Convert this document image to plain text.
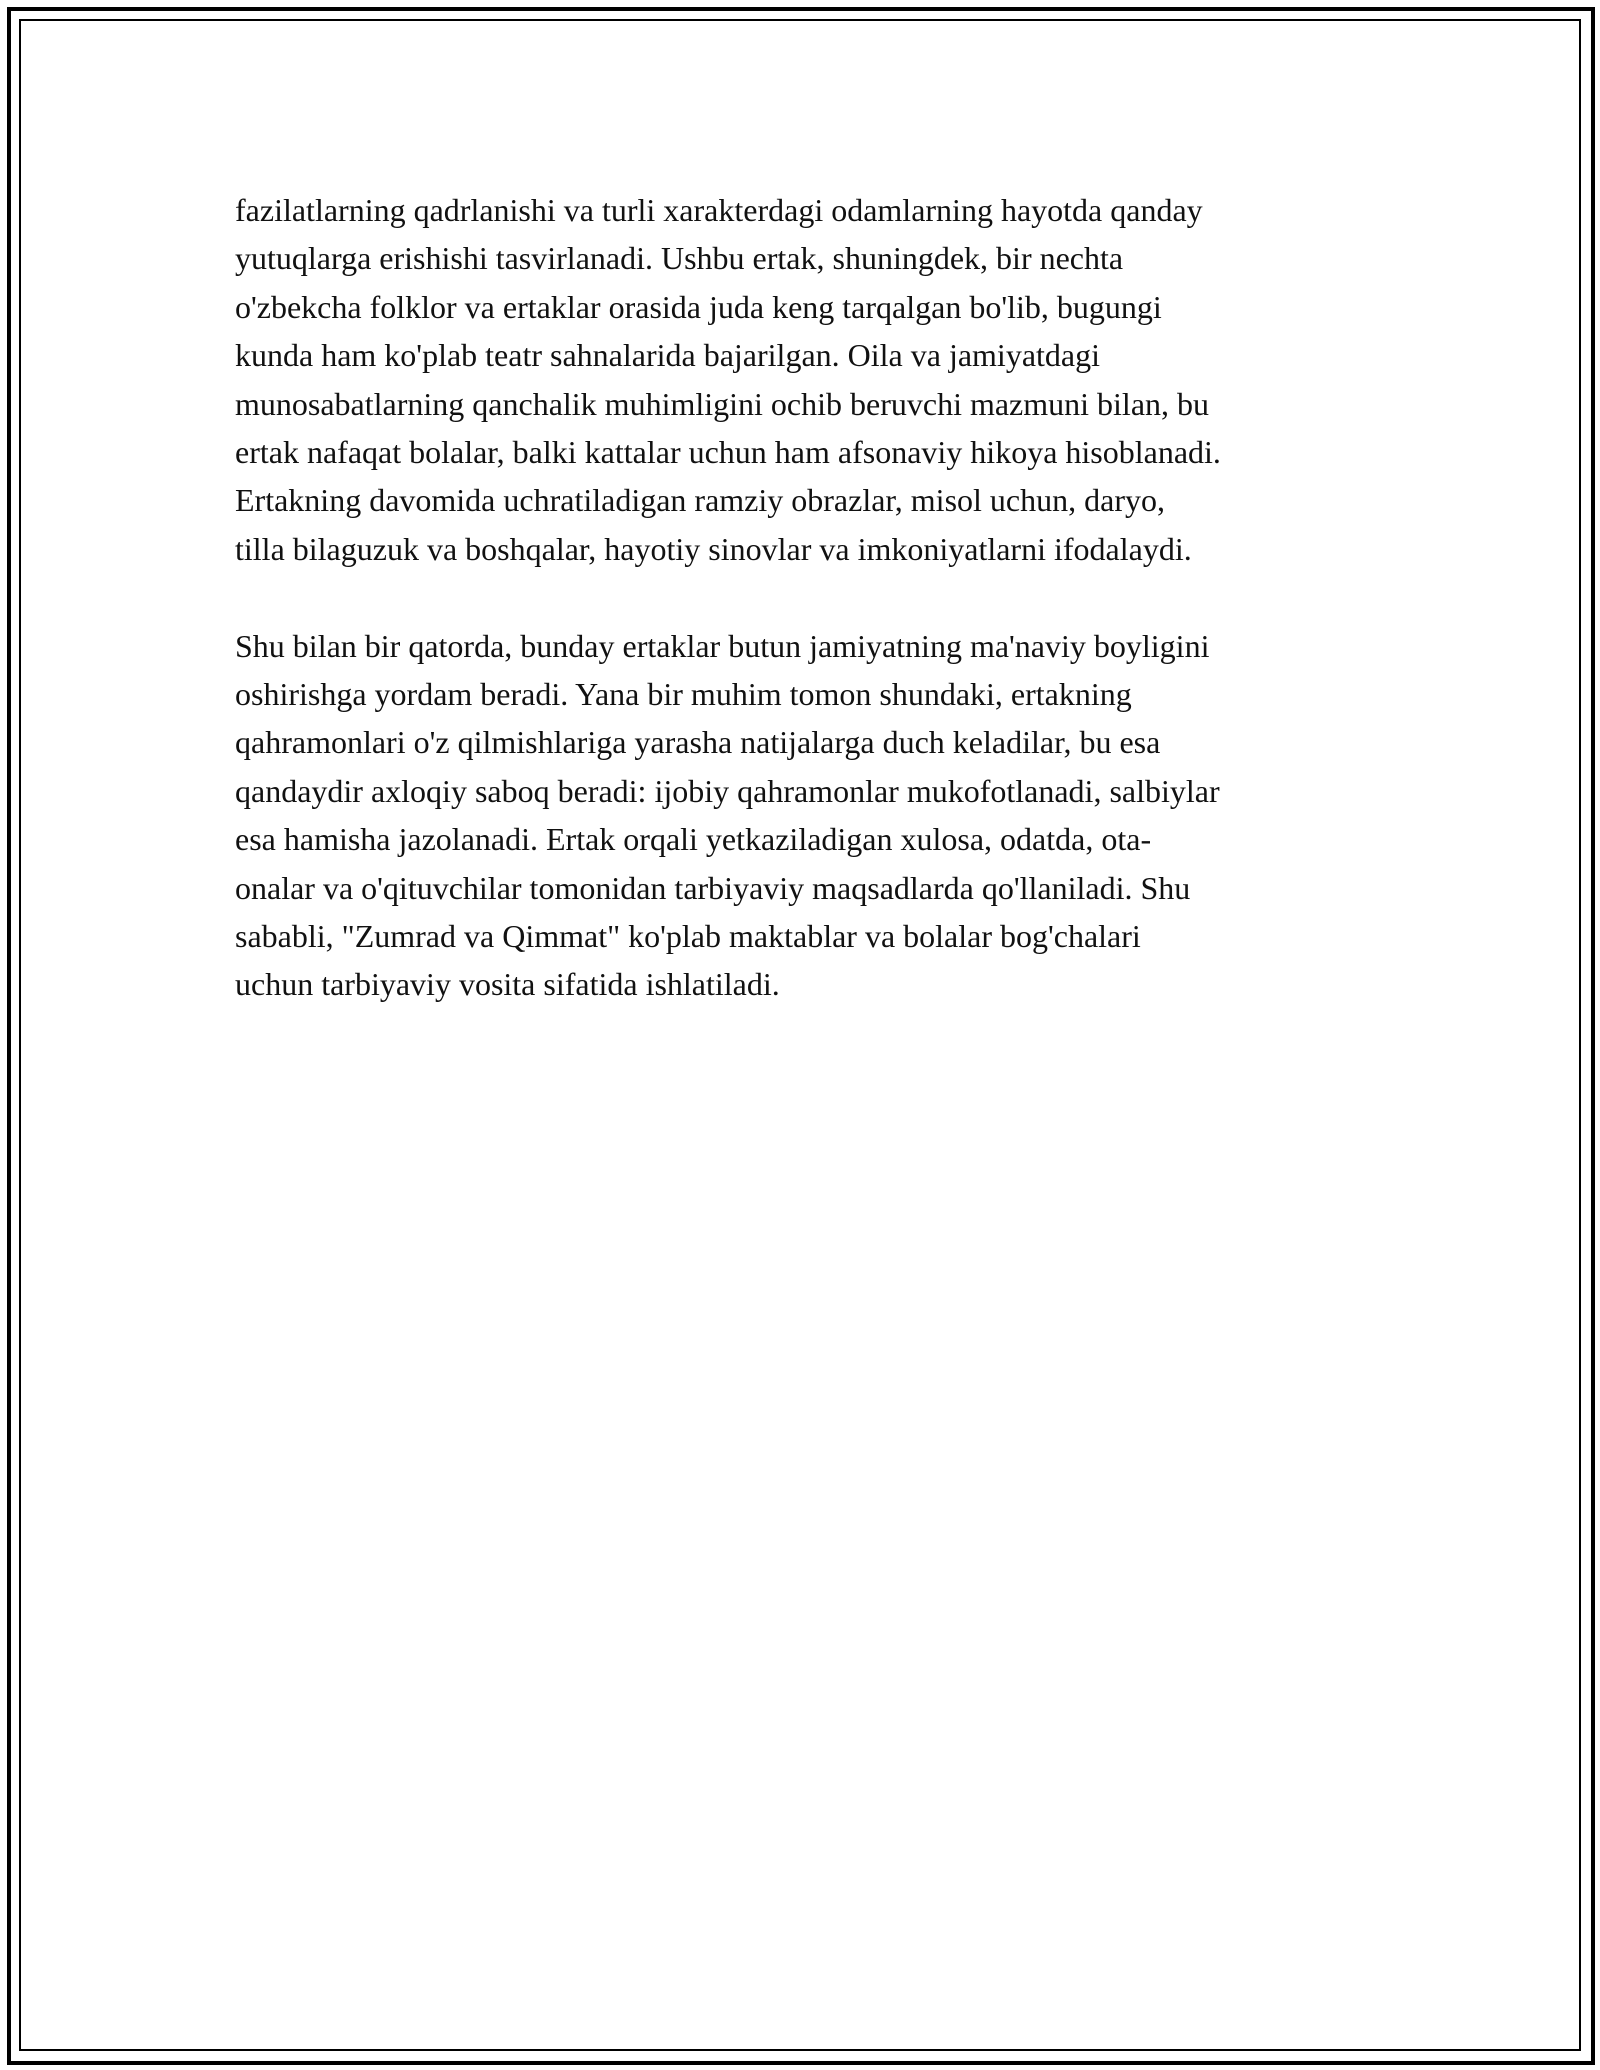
fazilatlarning qadrlanishi va turli xarakterdagi odamlarning hayotda qanday
yutuqlarga erishishi tasvirlanadi. Ushbu ertak, shuningdek, bir nechta
o'zbekcha folklor va ertaklar orasida juda keng tarqalgan bo'lib, bugungi
kunda ham ko'plab teatr sahnalarida bajarilgan. Oila va jamiyatdagi
munosabatlarning qanchalik muhimligini ochib beruvchi mazmuni bilan, bu
ertak nafaqat bolalar, balki kattalar uchun ham afsonaviy hikoya hisoblanadi.
Ertakning davomida uchratiladigan ramziy obrazlar, misol uchun, daryo,
tilla bilaguzuk va boshqalar, hayotiy sinovlar va imkoniyatlarni ifodalaydi.
Shu bilan bir qatorda, bunday ertaklar butun jamiyatning ma'naviy boyligini
oshirishga yordam beradi. Yana bir muhim tomon shundaki, ertakning
qahramonlari o'z qilmishlariga yarasha natijalarga duch keladilar, bu esa
qandaydir axloqiy saboq beradi: ijobiy qahramonlar mukofotlanadi, salbiylar
esa hamisha jazolanadi. Ertak orqali yetkaziladigan xulosa, odatda, ota-
onalar va o'qituvchilar tomonidan tarbiyaviy maqsadlarda qo'llaniladi. Shu
sababli, "Zumrad va Qimmat" ko'plab maktablar va bolalar bog'chalari
uchun tarbiyaviy vosita sifatida ishlatiladi.
